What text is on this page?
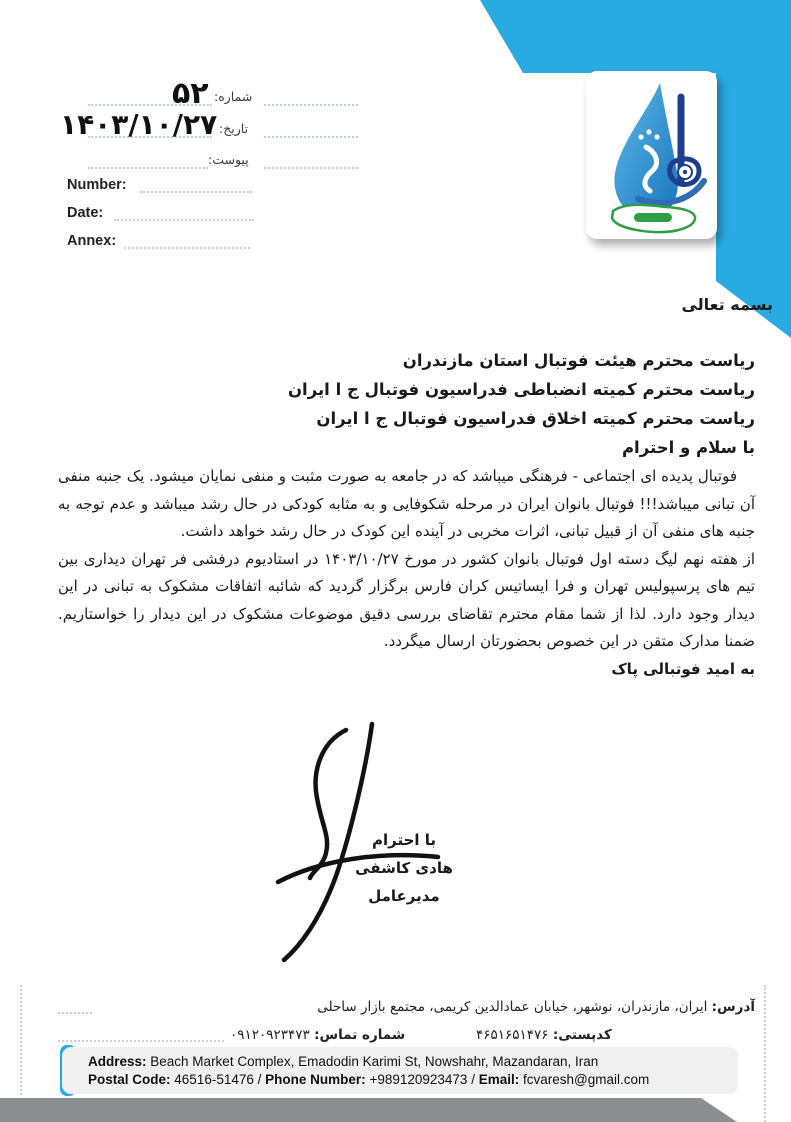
شماره:
۵۲
تاریخ:
۱۴۰۳/۱۰/۲۷
پیوست:
Number:
Date:
Annex:
بسمه تعالی
ریاست محترم هیئت فوتبال استان مازندران
ریاست محترم کمیته انضباطی فدراسیون فوتبال ج ا ایران
ریاست محترم کمیته اخلاق فدراسیون فوتبال ج ا ایران
با سلام و احترام

فوتبال پدیده ای اجتماعی - فرهنگی میباشد که در جامعه به صورت مثبت و منفی نمایان میشود. یک جنبه منفی آن تبانی میباشد!!! فوتبال بانوان ایران در مرحله شکوفایی و به مثابه کودکی در حال رشد میباشد و عدم توجه به جنبه های منفی آن از قبیل تبانی، اثرات مخربی در آینده این کودک در حال رشد خواهد داشت.

از هفته نهم لیگ دسته اول فوتبال بانوان کشور در مورخ ۱۴۰۳/۱۰/۲۷ در استادیوم درفشی فر تهران دیداری بین تیم های پرسپولیس تهران و فرا ایساتیس کران فارس برگزار گردید که شائبه اتفاقات مشکوک به تبانی در این دیدار وجود دارد. لذا از شما مقام محترم تقاضای بررسی دقیق موضوعات مشکوک در این دیدار را خواستاریم. ضمنا مدارک متقن در این خصوص بحضورتان ارسال میگردد.

به امید فوتبالی پاک

با احترام
هادی کاشفی
مدیرعامل
آدرس: ایران، مازندران، نوشهر، خیابان عمادالدین کریمی، مجتمع بازار ساحلی
کدپستی: ۴۶۵۱۶۵۱۴۷۶
شماره تماس: ۰۹۱۲۰۹۲۳۴۷۳
Address: Beach Market Complex, Emadodin Karimi St, Nowshahr, Mazandaran, Iran
Postal Code: 46516-51476 / Phone Number: +989120923473 / Email: fcvaresh@gmail.com
